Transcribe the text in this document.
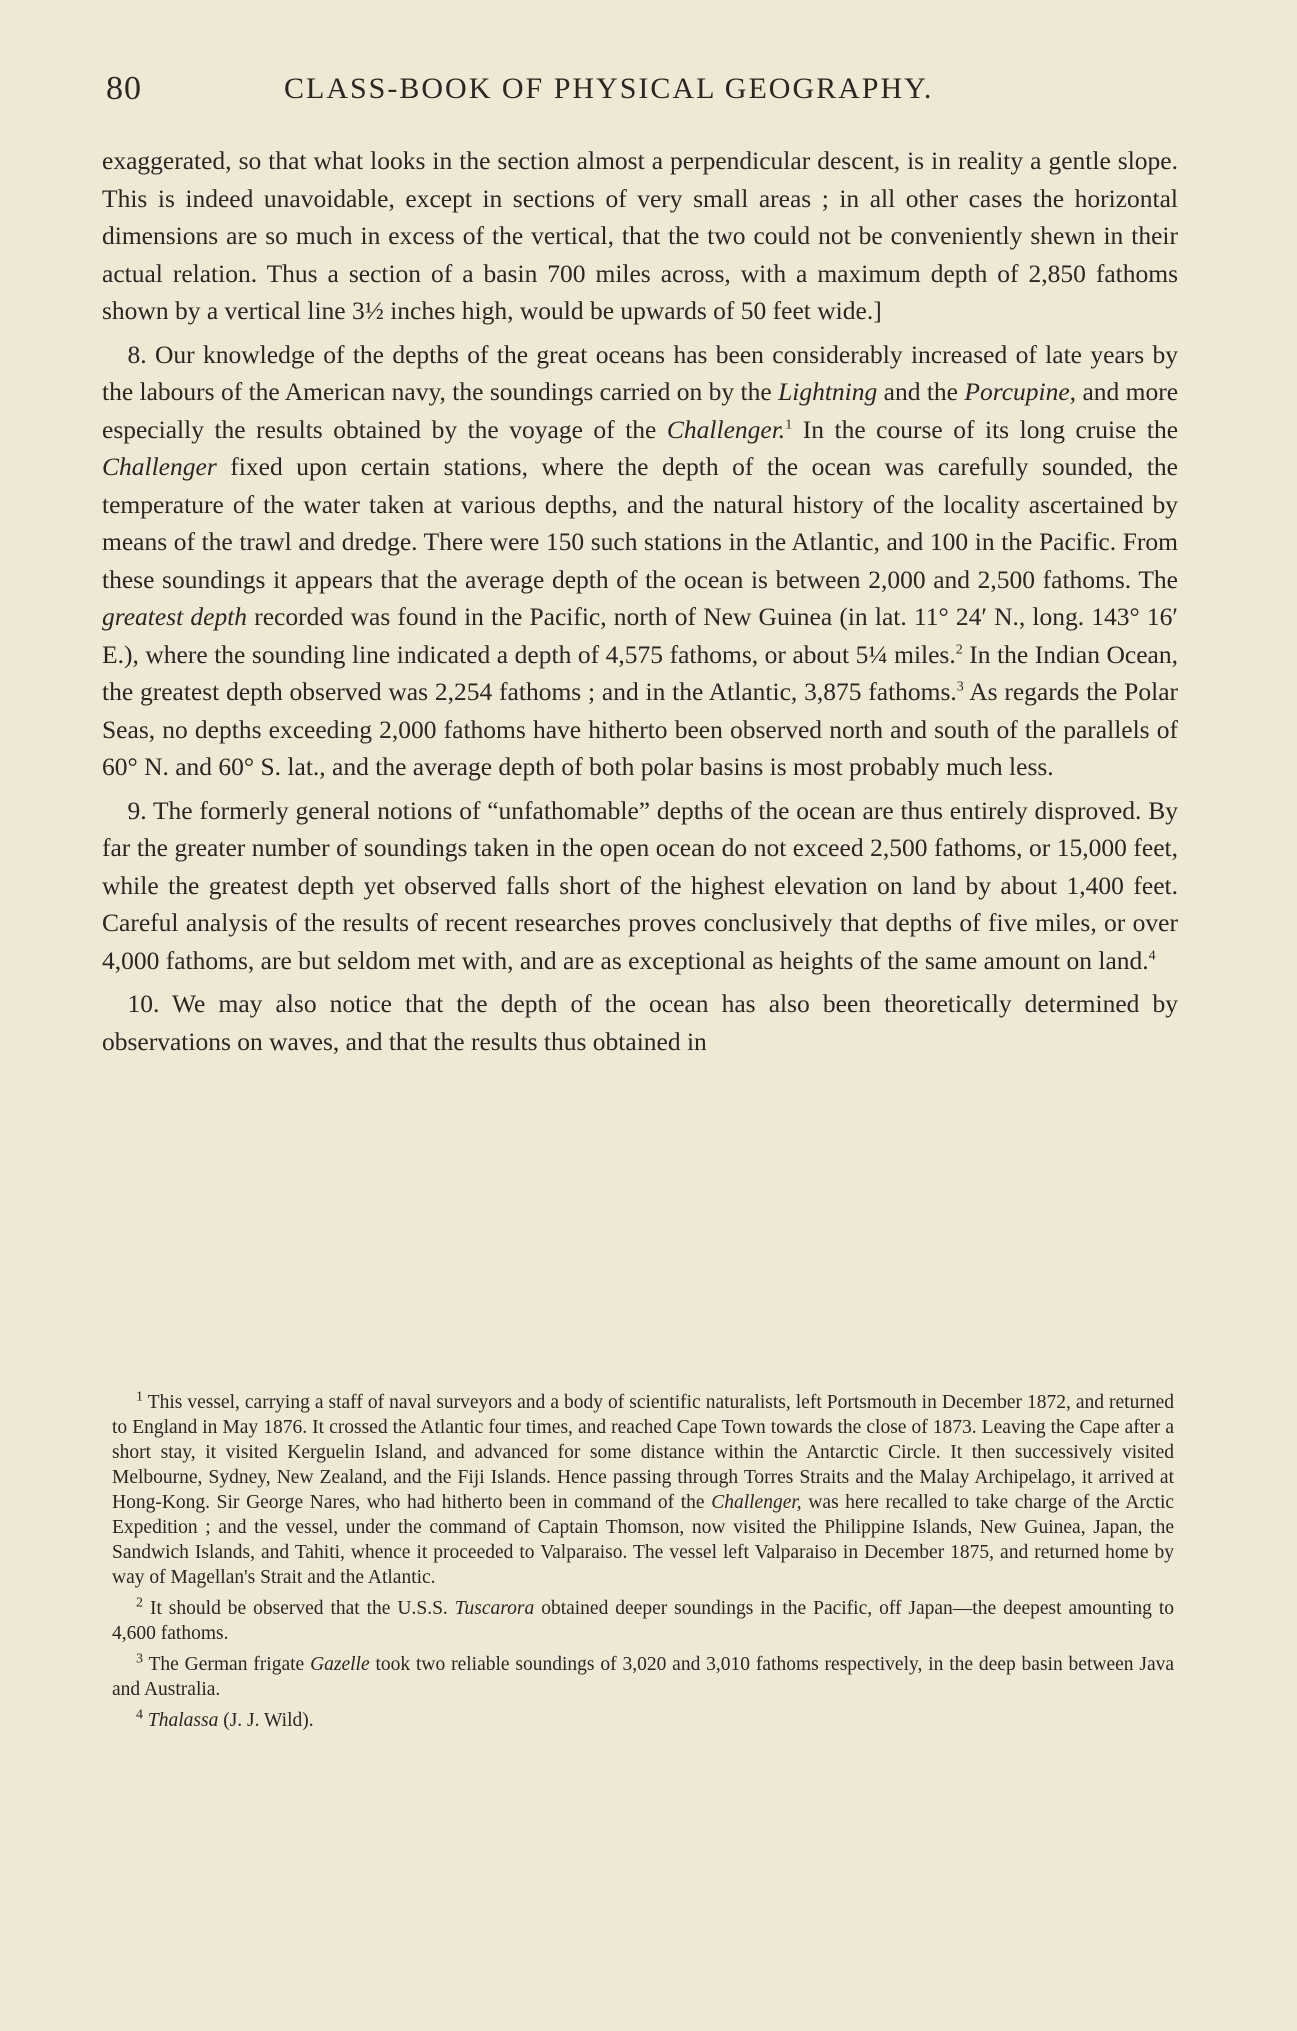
80	CLASS-BOOK OF PHYSICAL GEOGRAPHY.

exaggerated, so that what looks in the section almost a perpendicular descent, is in reality a gentle slope. This is indeed unavoidable, except in sections of very small areas ; in all other cases the horizontal dimensions are so much in excess of the vertical, that the two could not be conveniently shewn in their actual relation. Thus a section of a basin 700 miles across, with a maximum depth of 2,850 fathoms shown by a vertical line 3½ inches high, would be upwards of 50 feet wide.]

 8. Our knowledge of the depths of the great oceans has been considerably increased of late years by the labours of the American navy, the soundings carried on by the Lightning and the Porcupine, and more especially the results obtained by the voyage of the Challenger.$^1$ In the course of its long cruise the Challenger fixed upon certain stations, where the depth of the ocean was carefully sounded, the temperature of the water taken at various depths, and the natural history of the locality ascertained by means of the trawl and dredge. There were 150 such stations in the Atlantic, and 100 in the Pacific. From these soundings it appears that the average depth of the ocean is between 2,000 and 2,500 fathoms. The greatest depth recorded was found in the Pacific, north of New Guinea (in lat. 11° 24′ N., long. 143° 16′ E.), where the sounding line indicated a depth of 4,575 fathoms, or about 5¼ miles.$^2$ In the Indian Ocean, the greatest depth observed was 2,254 fathoms ; and in the Atlantic, 3,875 fathoms.$^3$ As regards the Polar Seas, no depths exceeding 2,000 fathoms have hitherto been observed north and south of the parallels of 60° N. and 60° S. lat., and the average depth of both polar basins is most probably much less.

 9. The formerly general notions of “unfathomable” depths of the ocean are thus entirely disproved. By far the greater number of soundings taken in the open ocean do not exceed 2,500 fathoms, or 15,000 feet, while the greatest depth yet observed falls short of the highest elevation on land by about 1,400 feet. Careful analysis of the results of recent researches proves conclusively that depths of five miles, or over 4,000 fathoms, are but seldom met with, and are as exceptional as heights of the same amount on land.$^4$

 10. We may also notice that the depth of the ocean has also been theoretically determined by observations on waves, and that the results thus obtained in

$^1$ This vessel, carrying a staff of naval surveyors and a body of scientific naturalists, left Portsmouth in December 1872, and returned to England in May 1876. It crossed the Atlantic four times, and reached Cape Town towards the close of 1873. Leaving the Cape after a short stay, it visited Kerguelin Island, and advanced for some distance within the Antarctic Circle. It then successively visited Melbourne, Sydney, New Zealand, and the Fiji Islands. Hence passing through Torres Straits and the Malay Archipelago, it arrived at Hong-Kong. Sir George Nares, who had hitherto been in command of the Challenger, was here recalled to take charge of the Arctic Expedition ; and the vessel, under the command of Captain Thomson, now visited the Philippine Islands, New Guinea, Japan, the Sandwich Islands, and Tahiti, whence it proceeded to Valparaiso. The vessel left Valparaiso in December 1875, and returned home by way of Magellan's Strait and the Atlantic.

$^2$ It should be observed that the U.S.S. Tuscarora obtained deeper soundings in the Pacific, off Japan—the deepest amounting to 4,600 fathoms.

$^3$ The German frigate Gazelle took two reliable soundings of 3,020 and 3,010 fathoms respectively, in the deep basin between Java and Australia.

$^4$ Thalassa (J. J. Wild).
